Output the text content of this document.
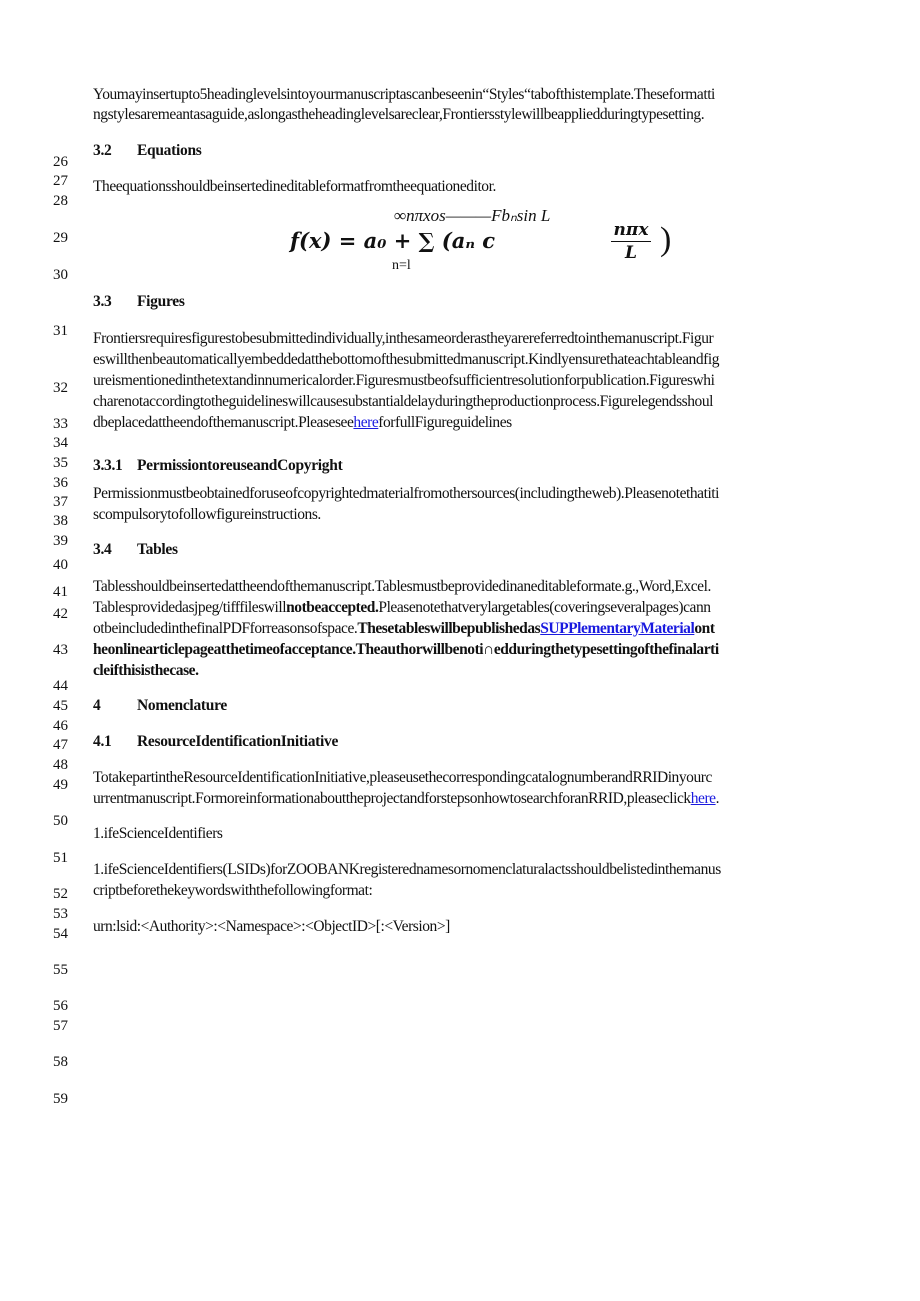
26
27
28
29
30
31
32
33
34
35
36
37
38
39
40
41
42
43
44
45
46
47
48
49
50
51
52
53
54
55
56
57
58
59
Youmayinsertupto5headinglevelsintoyourmanuscriptascanbeseenin“Styles“tabofthistemplate.Theseformatti
ngstylesaremeantasaguide,aslongastheheadinglevelsareclear,Frontiersstylewillbeappliedduringtypesetting.
3.2 Equations
Theequationsshouldbeinsertedineditableformatfromtheequationeditor.
3.3 Figures
Frontiersrequiresfigurestobesubmittedindividually,inthesameorderastheyarereferredtointhemanuscript.Figur
eswillthenbeautomaticallyembeddedatthebottomofthesubmittedmanuscript.Kindlyensurethateachtableandfig
ureismentionedinthetextandinnumericalorder.Figuresmustbeofsufficientresolutionforpublication.Figureswhi
charenotaccordingtotheguidelineswillcausesubstantialdelayduringtheproductionprocess.Figurelegendsshoul
dbeplacedattheendofthemanuscript.PleaseseehereforfullFigureguidelines
3.3.1 PermissiontoreuseandCopyright
Permissionmustbeobtainedforuseofcopyrightedmaterialfromothersources(includingtheweb).Pleasenotethatiti
scompulsorytofollowfigureinstructions.
3.4 Tables
Tablesshouldbeinsertedattheendofthemanuscript.Tablesmustbeprovidedinaneditableformate.g.,Word,Excel.
Tablesprovidedasjpeg/tifffileswillnotbeaccepted.Pleasenotethatverylargetables(coveringseveralpages)cann
otbeincludedinthefinalPDFforreasonsofspace.ThesetableswillbepublishedasSUPPlementaryMaterialont
heonlinearticlepageatthetimeofacceptance.Theauthorwillbenoti∩edduringthetypesettingofthefinalarti
cleifthisisthecase.
4 Nomenclature
4.1 ResourceIdentificationInitiative
TotakepartintheResourceIdentificationInitiative,pleaseusethecorrespondingcatalognumberandRRIDinyourc
urrentmanuscript.FormoreinformationabouttheprojectandforstepsonhowtosearchforanRRID,pleaseclickhere.
1.ifeScienceIdentifiers
1.ifeScienceIdentifiers(LSIDs)forZOOBANKregisterednamesornomenclaturalactsshouldbelistedinthemanus
criptbeforethekeywordswiththefollowingformat:
urn:lsid:<Authority>:<Namespace>:<ObjectID>[:<Version>]
f(x) = a₀ + ∑ (aₙ c
∞nπxos———Fbₙsin L
n=l
nπx
L )
